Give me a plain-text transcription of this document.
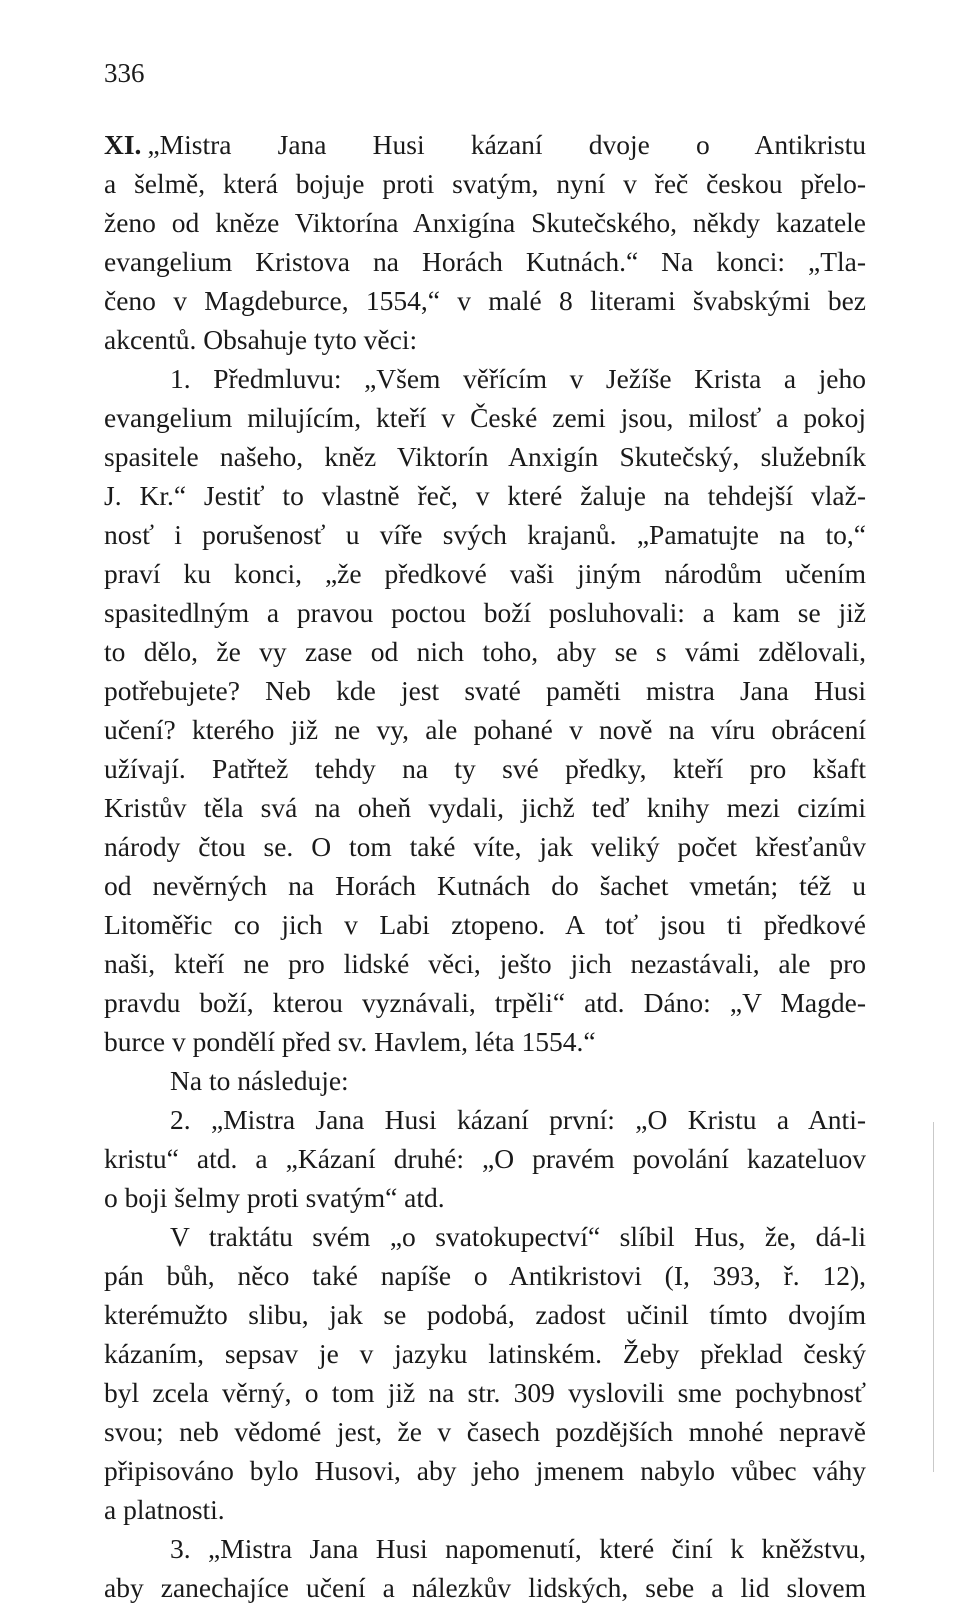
336
XI. „Mistra Jana Husi kázaní dvoje o Antikristu
a šelmě, která bojuje proti svatým, nyní v řeč českou přelo-
ženo od kněze Viktorína Anxigína Skutečského, někdy kazatele
evangelium Kristova na Horách Kutnách.“ Na konci: „Tla-
čeno v Magdeburce, 1554,“ v malé 8 literami švabskými bez
akcentů. Obsahuje tyto věci:
1. Předmluvu: „Všem věřícím v Ježíše Krista a jeho
evangelium milujícím, kteří v České zemi jsou, milosť a pokoj
spasitele našeho, kněz Viktorín Anxigín Skutečský, služebník
J. Kr.“ Jestiť to vlastně řeč, v které žaluje na tehdejší vlaž-
nosť i porušenosť u víře svých krajanů. „Pamatujte na to,“
praví ku konci, „že předkové vaši jiným národům učením
spasitedlným a pravou poctou boží posluhovali: a kam se již
to dělo, že vy zase od nich toho, aby se s vámi zdělovali,
potřebujete? Neb kde jest svaté paměti mistra Jana Husi
učení? kterého již ne vy, ale pohané v nově na víru obrácení
užívají. Patřtež tehdy na ty své předky, kteří pro kšaft
Kristův těla svá na oheň vydali, jichž teď knihy mezi cizími
národy čtou se. O tom také víte, jak veliký počet křesťanův
od nevěrných na Horách Kutnách do šachet vmetán; též u
Litoměřic co jich v Labi ztopeno. A toť jsou ti předkové
naši, kteří ne pro lidské věci, ješto jich nezastávali, ale pro
pravdu boží, kterou vyznávali, trpěli“ atd. Dáno: „V Magde-
burce v pondělí před sv. Havlem, léta 1554.“
Na to následuje:
2. „Mistra Jana Husi kázaní první: „O Kristu a Anti-
kristu“ atd. a „Kázaní druhé: „O pravém povolání kazateluov
o boji šelmy proti svatým“ atd.
V traktátu svém „o svatokupectví“ slíbil Hus, že, dá-li
pán bůh, něco také napíše o Antikristovi (I, 393, ř. 12),
kterémužto slibu, jak se podobá, zadost učinil tímto dvojím
kázaním, sepsav je v jazyku latinském. Žeby překlad český
byl zcela věrný, o tom již na str. 309 vyslovili sme pochybnosť
svou; neb vědomé jest, že v časech pozdějších mnohé nepravě
připisováno bylo Husovi, aby jeho jmenem nabylo vůbec váhy
a platnosti.
3. „Mistra Jana Husi napomenutí, které činí k kněžstvu,
aby zanechajíce učení a nálezkův lidských, sebe a lid slovem
